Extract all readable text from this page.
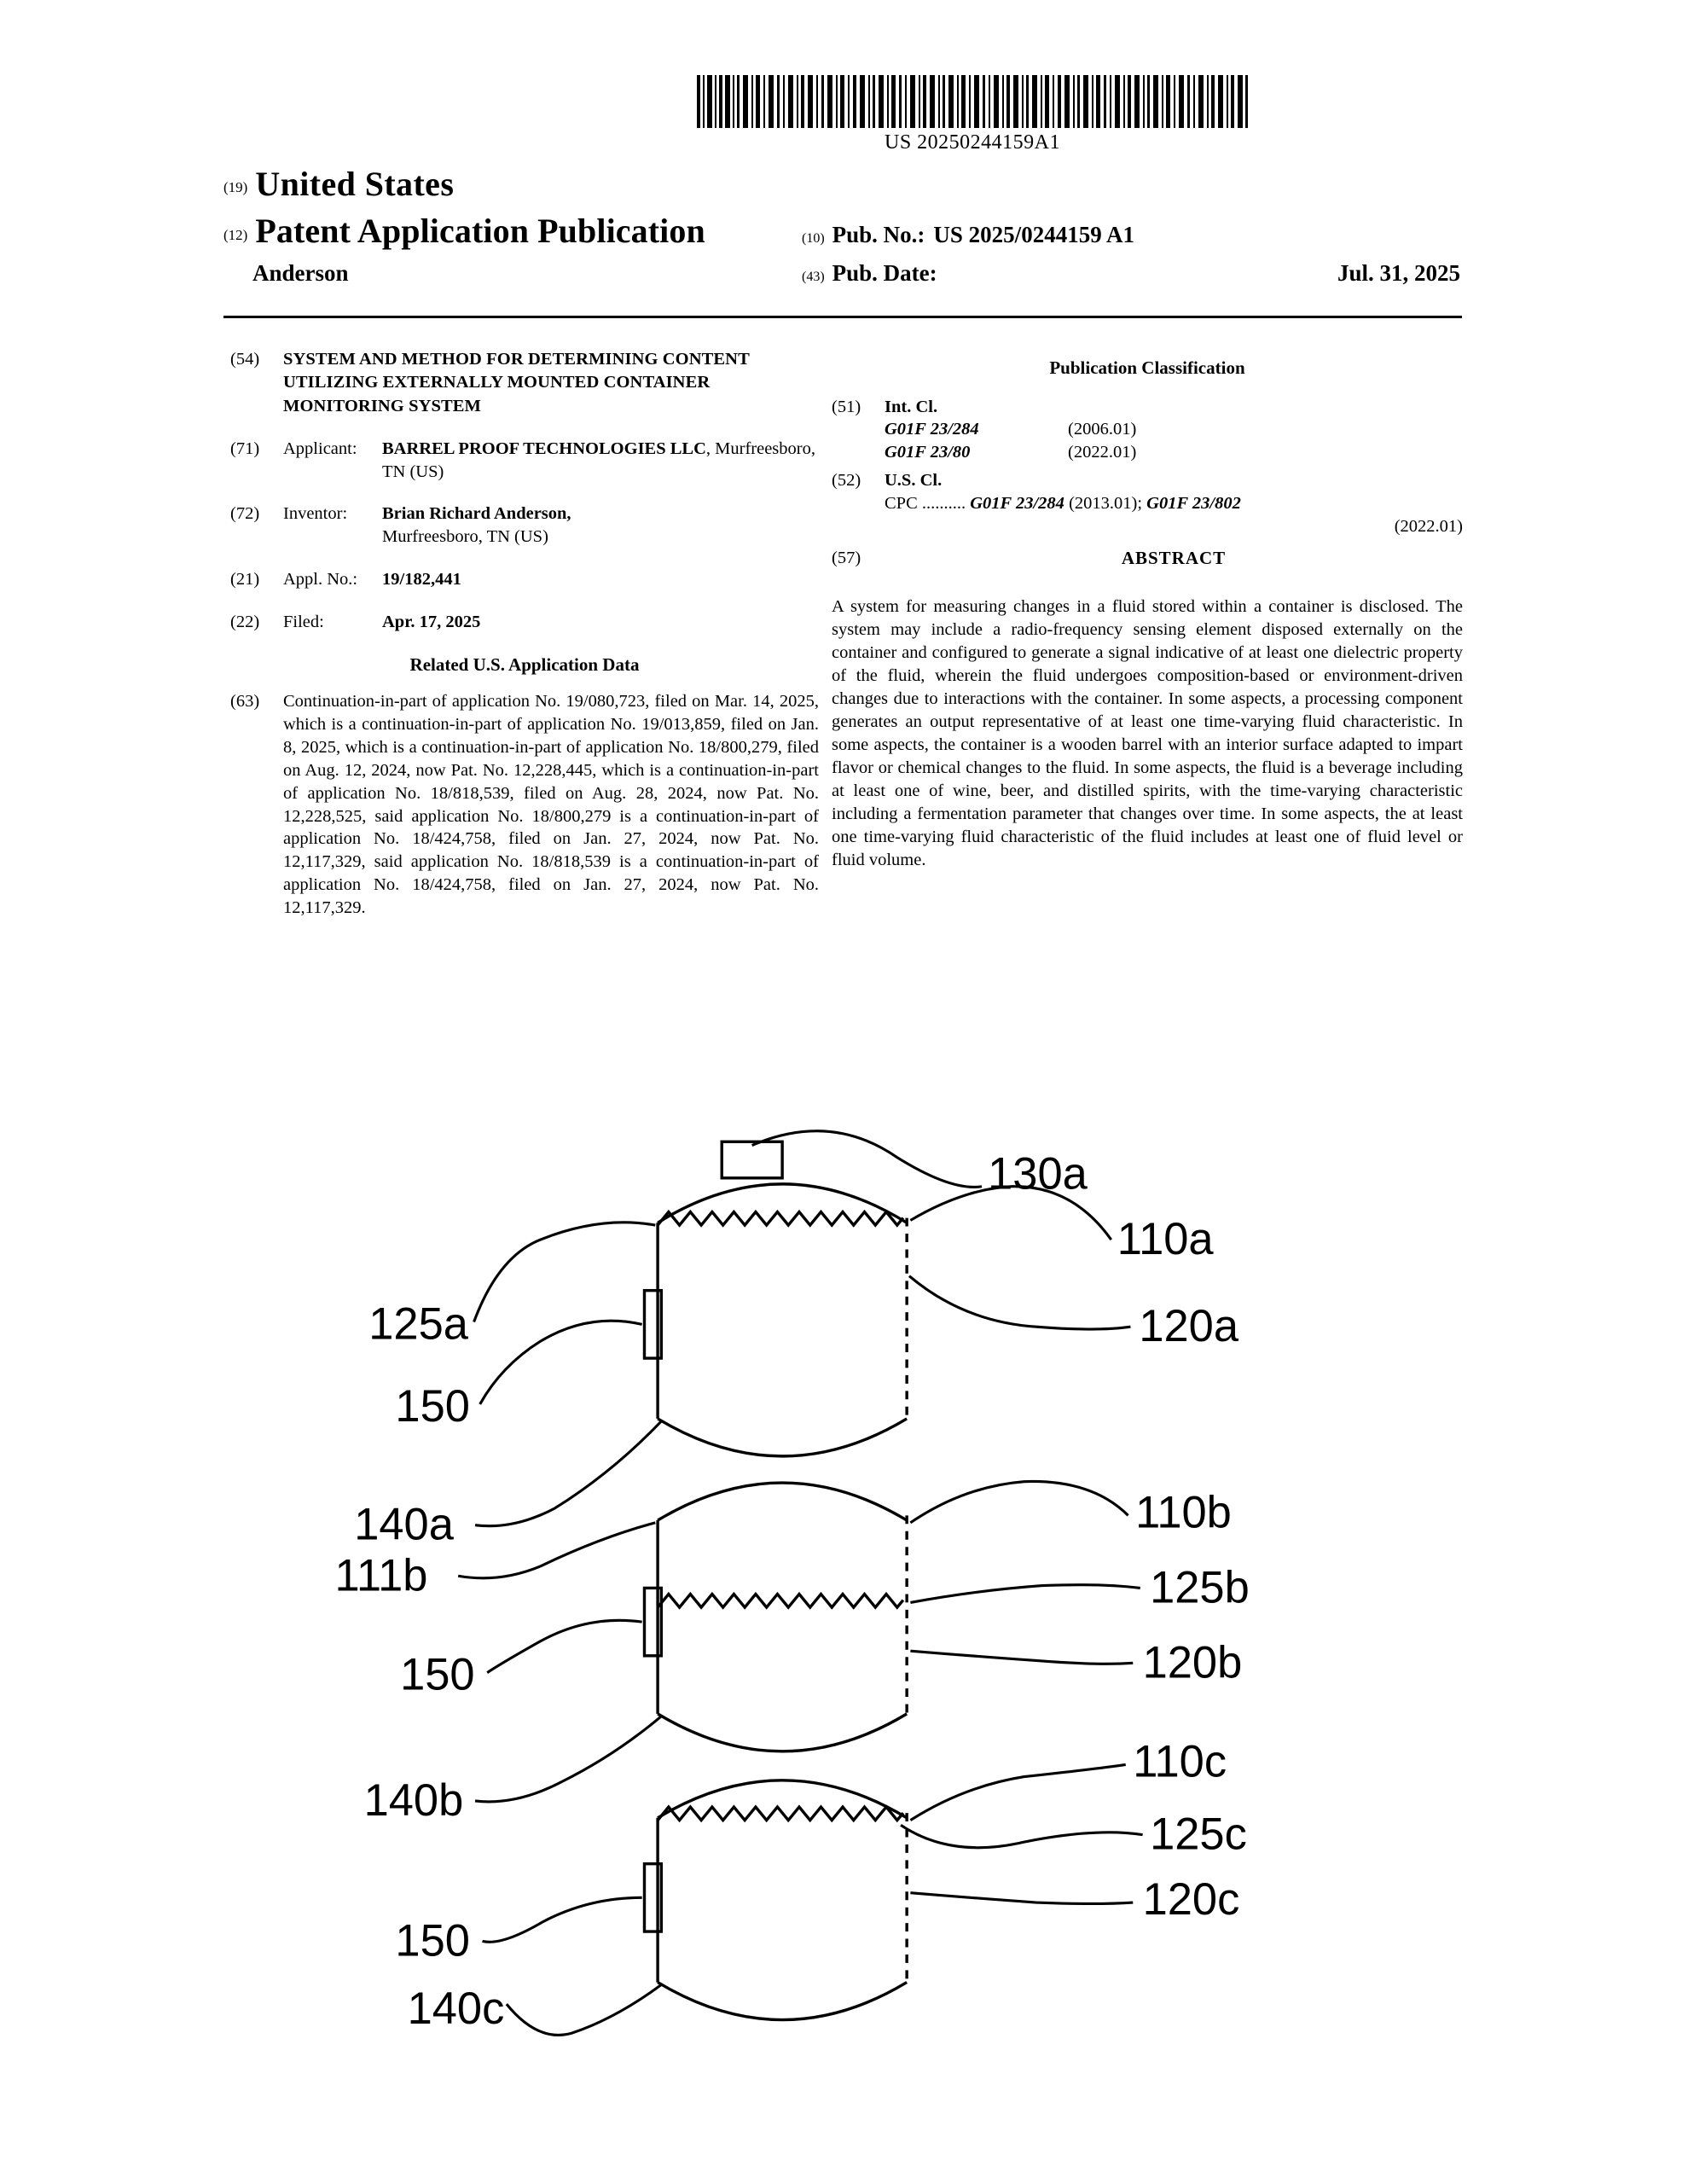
US 20250244159A1
(19) United States
(12) Patent Application Publication
Anderson
(10) Pub. No.: US 2025/0244159 A1
(43) Pub. Date:	Jul. 31, 2025
(54)	SYSTEM AND METHOD FOR DETERMINING CONTENT UTILIZING EXTERNALLY MOUNTED CONTAINER MONITORING SYSTEM
(71)	Applicant:	BARREL PROOF TECHNOLOGIES LLC, Murfreesboro, TN (US)
(72)	Inventor:	Brian Richard Anderson,
Murfreesboro, TN (US)
(21)	Appl. No.:	19/182,441
(22)	Filed:	Apr. 17, 2025
Related U.S. Application Data
(63)	Continuation-in-part of application No. 19/080,723, filed on Mar. 14, 2025, which is a continuation-in-part of application No. 19/013,859, filed on Jan. 8, 2025, which is a continuation-in-part of application No. 18/800,279, filed on Aug. 12, 2024, now Pat. No. 12,228,445, which is a continuation-in-part of application No. 18/818,539, filed on Aug. 28, 2024, now Pat. No. 12,228,525, said application No. 18/800,279 is a continuation-in-part of application No. 18/424,758, filed on Jan. 27, 2024, now Pat. No. 12,117,329, said application No. 18/818,539 is a continuation-in-part of application No. 18/424,758, filed on Jan. 27, 2024, now Pat. No. 12,117,329.
Publication Classification
(51)	Int. Cl.
G01F 23/284	(2006.01)
G01F 23/80	(2022.01)
(52)	U.S. Cl.
CPC .......... G01F 23/284 (2013.01); G01F 23/802
(2022.01)
(57)	ABSTRACT
A system for measuring changes in a fluid stored within a container is disclosed. The system may include a radio-frequency sensing element disposed externally on the container and configured to generate a signal indicative of at least one dielectric property of the fluid, wherein the fluid undergoes composition-based or environment-driven changes due to interactions with the container. In some aspects, a processing component generates an output representative of at least one time-varying fluid characteristic. In some aspects, the container is a wooden barrel with an interior surface adapted to impart flavor or chemical changes to the fluid. In some aspects, the fluid is a beverage including at least one of wine, beer, and distilled spirits, with the time-varying characteristic including a fermentation parameter that changes over time. In some aspects, the at least one time-varying fluid characteristic of the fluid includes at least one of fluid level or fluid volume.
130a
110a
125a	120a
150
140a	110b
111b	125b
150	120b
110c
140b
125c
120c
150
140c
